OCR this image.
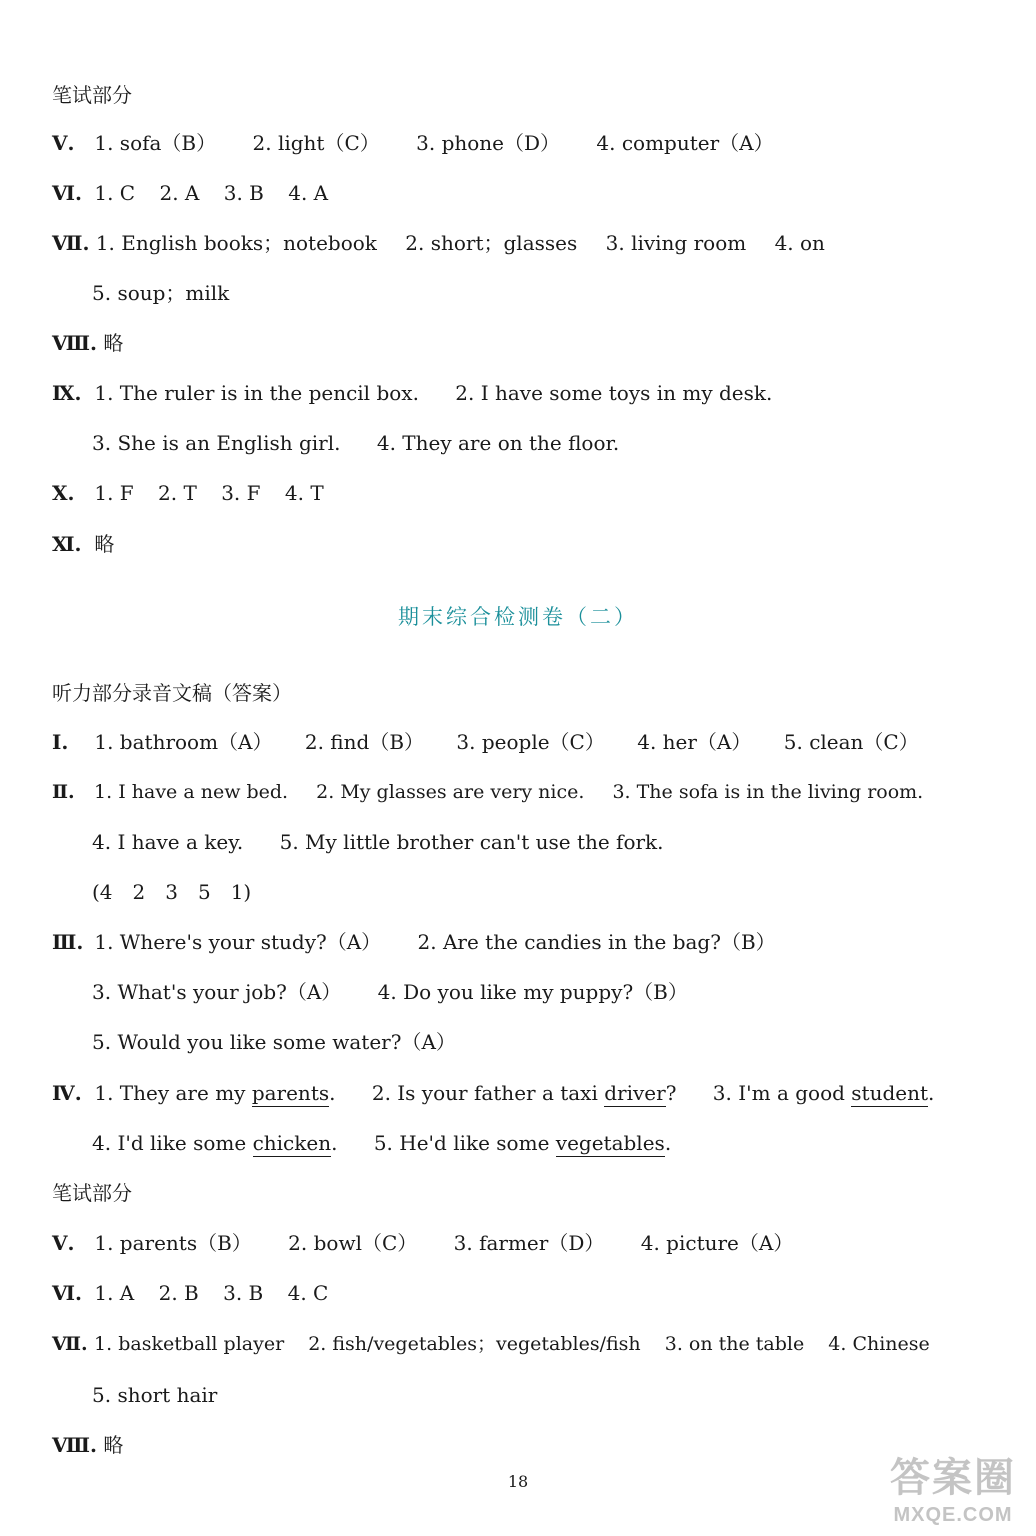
笔试部分
Ⅴ. 1. sofa（B） 2. light（C） 3. phone（D） 4. computer（A）
Ⅵ. 1. C 2. A 3. B 4. A
Ⅶ. 1. English books；notebook 2. short；glasses 3. living room 4. on
5. soup；milk
Ⅷ. 略
Ⅸ. 1. The ruler is in the pencil box. 2. I have some toys in my desk.
3. She is an English girl. 4. They are on the floor.
Ⅹ. 1. F 2. T 3. F 4. T
Ⅺ. 略
期末综合检测卷（二）
听力部分录音文稿（答案）
Ⅰ. 1. bathroom（A） 2. find（B） 3. people（C） 4. her（A） 5. clean（C）
Ⅱ. 1. I have a new bed. 2. My glasses are very nice. 3. The sofa is in the living room.
4. I have a key. 5. My little brother can't use the fork.
(4　2　3　5　1)
Ⅲ. 1. Where's your study?（A） 2. Are the candies in the bag?（B）
3. What's your job?（A） 4. Do you like my puppy?（B）
5. Would you like some water?（A）
Ⅳ. 1. They are my parents. 2. Is your father a taxi driver? 3. I'm a good student.
4. I'd like some chicken. 5. He'd like some vegetables.
笔试部分
Ⅴ. 1. parents（B） 2. bowl（C） 3. farmer（D） 4. picture（A）
Ⅵ. 1. A 2. B 3. B 4. C
Ⅶ. 1. basketball player 2. fish/vegetables；vegetables/fish 3. on the table 4. Chinese
5. short hair
Ⅷ. 略
18	答案圈
MXQE.COM
